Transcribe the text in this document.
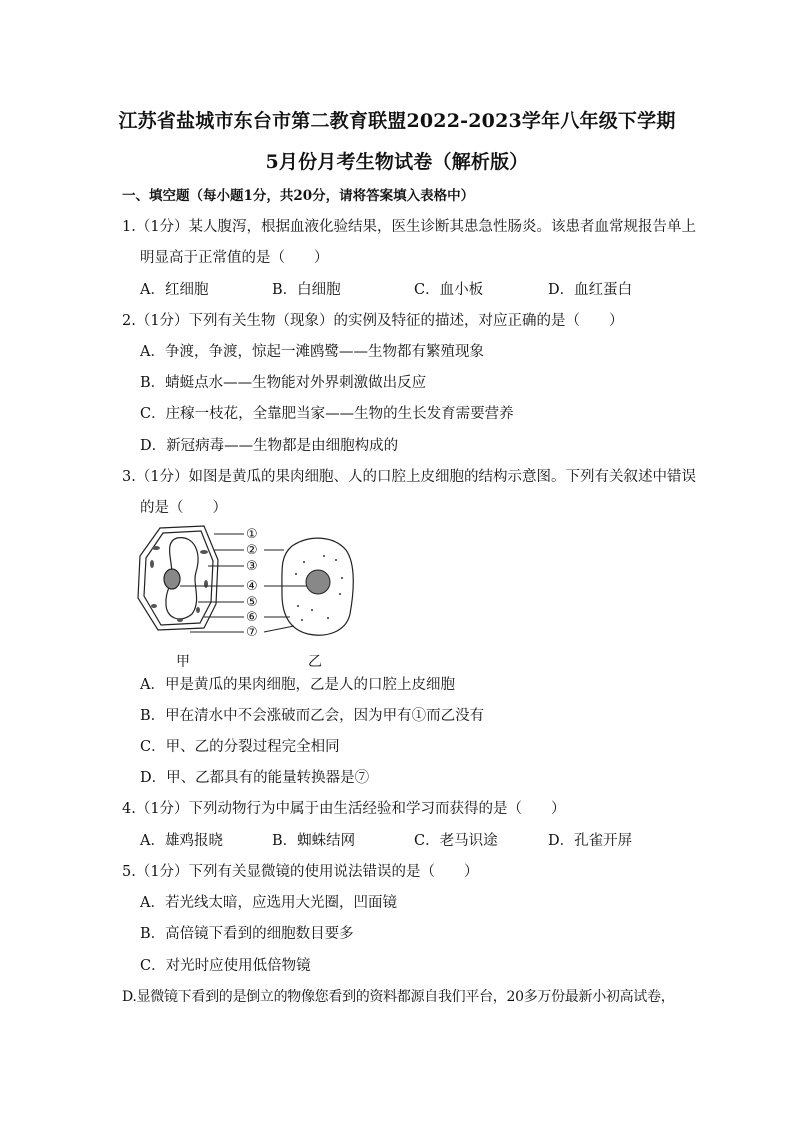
江苏省盐城市东台市第二教育联盟2022-2023学年八年级下学期
5月份月考生物试卷（解析版）
一、填空题（每小题1分，共20分，请将答案填入表格中）
1.（1分）某人腹泻，根据血液化验结果，医生诊断其患急性肠炎。该患者血常规报告单上
明显高于正常值的是（　　）
A．红细胞	B．白细胞	C．血小板	D．血红蛋白
2.（1分）下列有关生物（现象）的实例及特征的描述，对应正确的是（　　）
A．争渡，争渡，惊起一滩鸥鹭——生物都有繁殖现象
B．蜻蜓点水——生物能对外界刺激做出反应
C．庄稼一枝花，全靠肥当家——生物的生长发育需要营养
D．新冠病毒——生物都是由细胞构成的
3.（1分）如图是黄瓜的果肉细胞、人的口腔上皮细胞的结构示意图。下列有关叙述中错误
的是（　　）
①
②
③
④
⑤
⑥
⑦
甲	乙
A．甲是黄瓜的果肉细胞，乙是人的口腔上皮细胞
B．甲在清水中不会涨破而乙会，因为甲有①而乙没有
C．甲、乙的分裂过程完全相同
D．甲、乙都具有的能量转换器是⑦
4.（1分）下列动物行为中属于由生活经验和学习而获得的是（　　）
A．雄鸡报晓	B．蜘蛛结网	C．老马识途	D．孔雀开屏
5.（1分）下列有关显微镜的使用说法错误的是（　　）
A．若光线太暗，应选用大光圈，凹面镜
B．高倍镜下看到的细胞数目要多
C．对光时应使用低倍物镜
D.显微镜下看到的是倒立的物像您看到的资料都源自我们平台，20多万份最新小初高试卷，
